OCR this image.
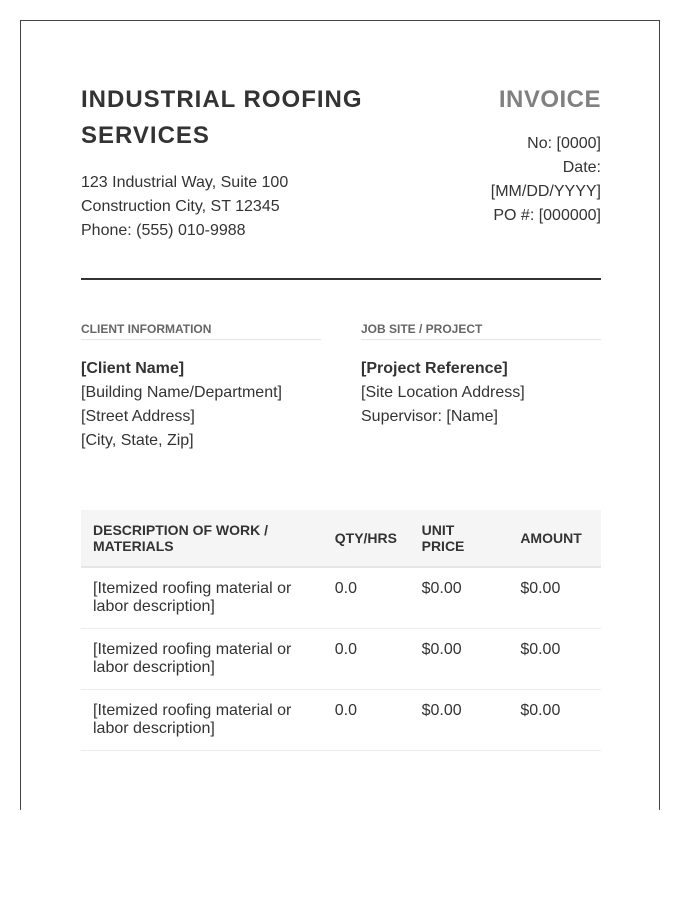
INDUSTRIAL ROOFING SERVICES
123 Industrial Way, Suite 100
Construction City, ST 12345
Phone: (555) 010-9988
INVOICE
No: [0000]
Date:
[MM/DD/YYYY]
PO #: [000000]
CLIENT INFORMATION
[Client Name]
[Building Name/Department]
[Street Address]
[City, State, Zip]
JOB SITE / PROJECT
[Project Reference]
[Site Location Address]
Supervisor: [Name]
DESCRIPTION OF WORK / MATERIALS	QTY/HRS	UNIT PRICE	AMOUNT
[Itemized roofing material or labor description]	0.0	$0.00	$0.00
[Itemized roofing material or labor description]	0.0	$0.00	$0.00
[Itemized roofing material or labor description]	0.0	$0.00	$0.00
